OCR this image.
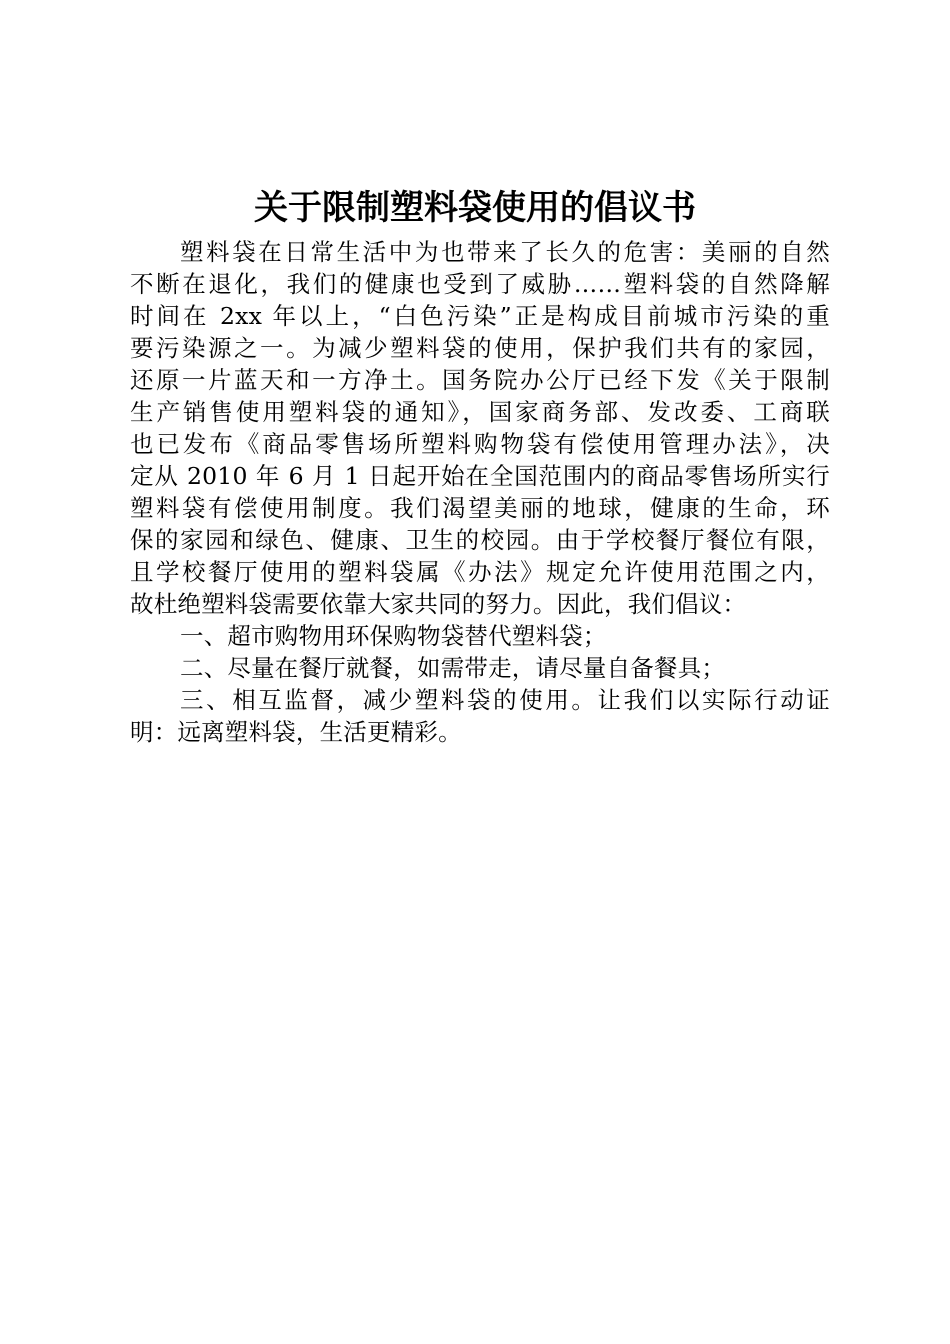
关于限制塑料袋使用的倡议书
塑料袋在日常生活中为也带来了长久的危害：美丽的自然
不断在退化，我们的健康也受到了威胁……塑料袋的自然降解
时间在 2xx 年以上，“白色污染”正是构成目前城市污染的重
要污染源之一。为减少塑料袋的使用，保护我们共有的家园，
还原一片蓝天和一方净土。国务院办公厅已经下发《关于限制
生产销售使用塑料袋的通知》，国家商务部、发改委、工商联
也已发布《商品零售场所塑料购物袋有偿使用管理办法》，决
定从 2010 年 6 月 1 日起开始在全国范围内的商品零售场所实行
塑料袋有偿使用制度。我们渴望美丽的地球，健康的生命，环
保的家园和绿色、健康、卫生的校园。由于学校餐厅餐位有限，
且学校餐厅使用的塑料袋属《办法》规定允许使用范围之内，
故杜绝塑料袋需要依靠大家共同的努力。因此，我们倡议：
一、超市购物用环保购物袋替代塑料袋；
二、尽量在餐厅就餐，如需带走，请尽量自备餐具；
三、相互监督，减少塑料袋的使用。让我们以实际行动证
明：远离塑料袋，生活更精彩。
